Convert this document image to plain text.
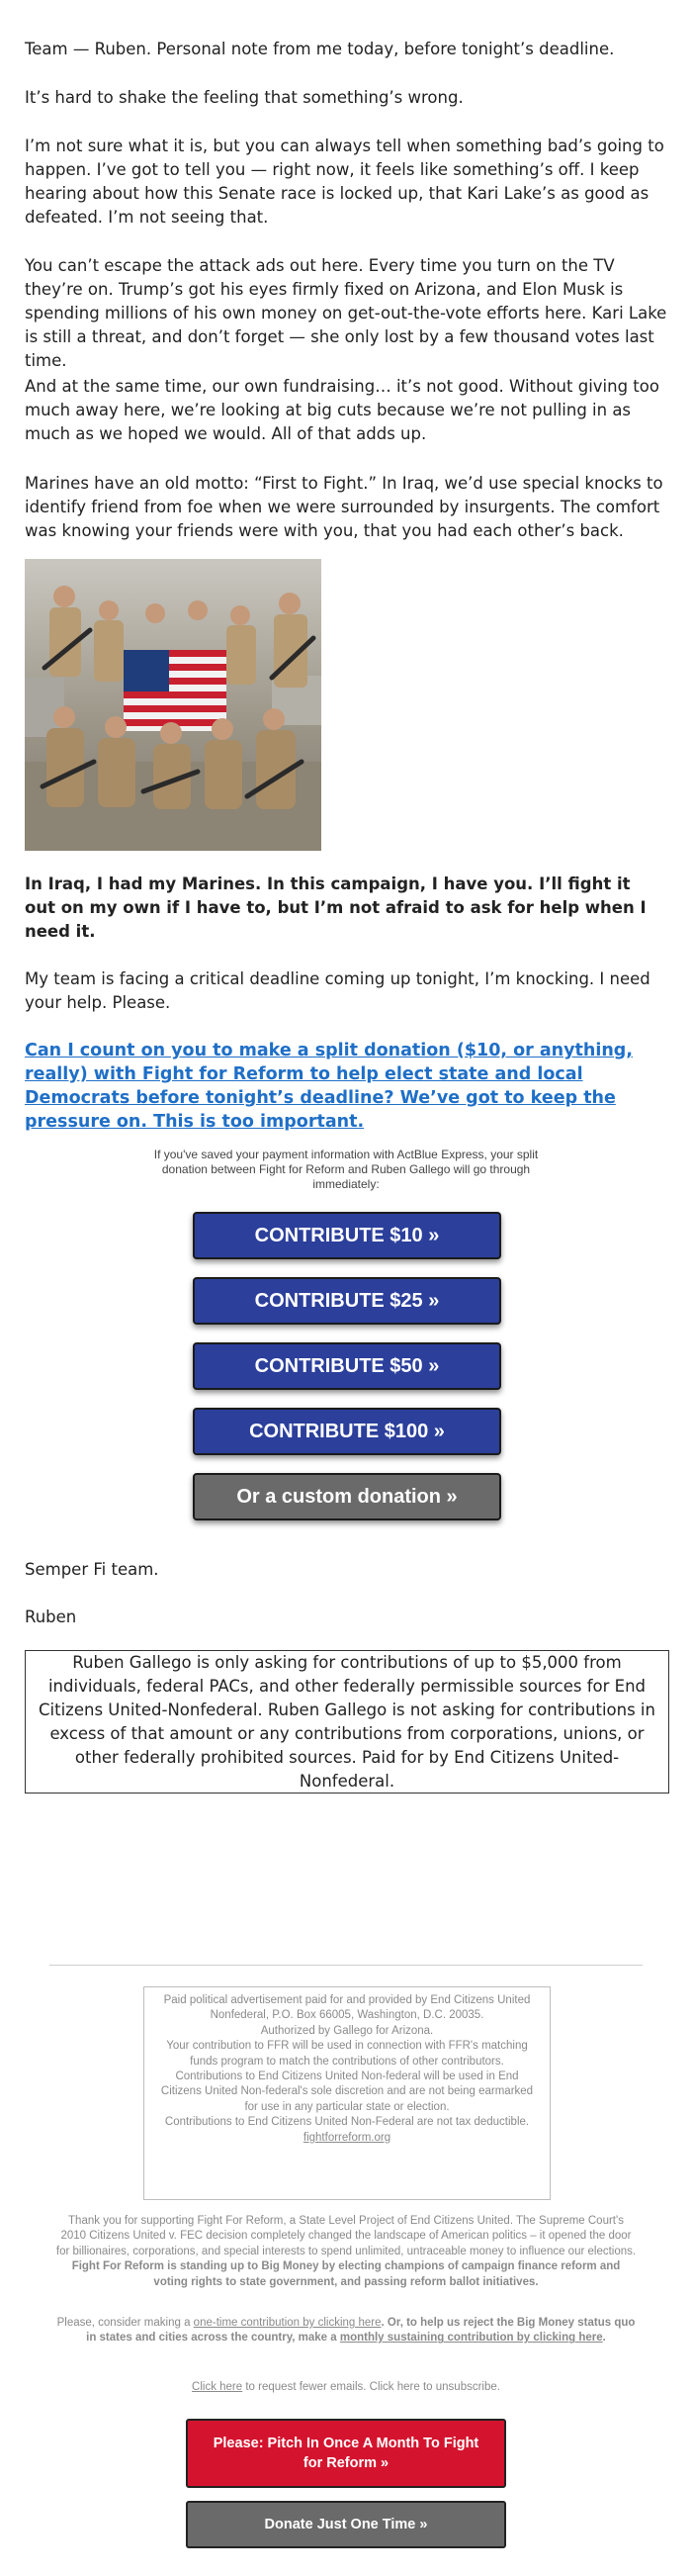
Team — Ruben. Personal note from me today, before tonight’s deadline.

It’s hard to shake the feeling that something’s wrong.

I’m not sure what it is, but you can always tell when something bad’s going to happen. I’ve got to tell you — right now, it feels like something’s off. I keep hearing about how this Senate race is locked up, that Kari Lake’s as good as defeated. I’m not seeing that.

You can’t escape the attack ads out here. Every time you turn on the TV they’re on. Trump’s got his eyes firmly fixed on Arizona, and Elon Musk is spending millions of his own money on get-out-the-vote efforts here. Kari Lake is still a threat, and don’t forget — she only lost by a few thousand votes last time.

And at the same time, our own fundraising… it’s not good. Without giving too much away here, we’re looking at big cuts because we’re not pulling in as much as we hoped we would. All of that adds up.

Marines have an old motto: “First to Fight.” In Iraq, we’d use special knocks to identify friend from foe when we were surrounded by insurgents. The comfort was knowing your friends were with you, that you had each other’s back.

In Iraq, I had my Marines. In this campaign, I have you. I’ll fight it out on my own if I have to, but I’m not afraid to ask for help when I need it.

My team is facing a critical deadline coming up tonight, I’m knocking. I need your help. Please.

Can I count on you to make a split donation ($10, or anything, really) with Fight for Reform to help elect state and local Democrats before tonight’s deadline? We’ve got to keep the pressure on. This is too important.
If you've saved your payment information with ActBlue Express, your split donation between Fight for Reform and Ruben Gallego will go through immediately:
CONTRIBUTE $10 »
CONTRIBUTE $25 »
CONTRIBUTE $50 »
CONTRIBUTE $100 »
Or a custom donation »

Semper Fi team.

Ruben

Ruben Gallego is only asking for contributions of up to $5,000 from individuals, federal PACs, and other federally permissible sources for End Citizens United-Nonfederal. Ruben Gallego is not asking for contributions in excess of that amount or any contributions from corporations, unions, or other federally prohibited sources. Paid for by End Citizens United-Nonfederal.
Paid political advertisement paid for and provided by End Citizens United Nonfederal, P.O. Box 66005, Washington, D.C. 20035.
Authorized by Gallego for Arizona.
Your contribution to FFR will be used in connection with FFR's matching funds program to match the contributions of other contributors.
Contributions to End Citizens United Non-federal will be used in End Citizens United Non-federal's sole discretion and are not being earmarked for use in any particular state or election.
Contributions to End Citizens United Non-Federal are not tax deductible.
fightforreform.org
Thank you for supporting Fight For Reform, a State Level Project of End Citizens United. The Supreme Court's 2010 Citizens United v. FEC decision completely changed the landscape of American politics – it opened the door for billionaires, corporations, and special interests to spend unlimited, untraceable money to influence our elections. Fight For Reform is standing up to Big Money by electing champions of campaign finance reform and voting rights to state government, and passing reform ballot initiatives.
Please, consider making a one-time contribution by clicking here. Or, to help us reject the Big Money status quo in states and cities across the country, make a monthly sustaining contribution by clicking here.
Click here to request fewer emails. Click here to unsubscribe.
Please: Pitch In Once A Month To Fight for Reform »
Donate Just One Time »
